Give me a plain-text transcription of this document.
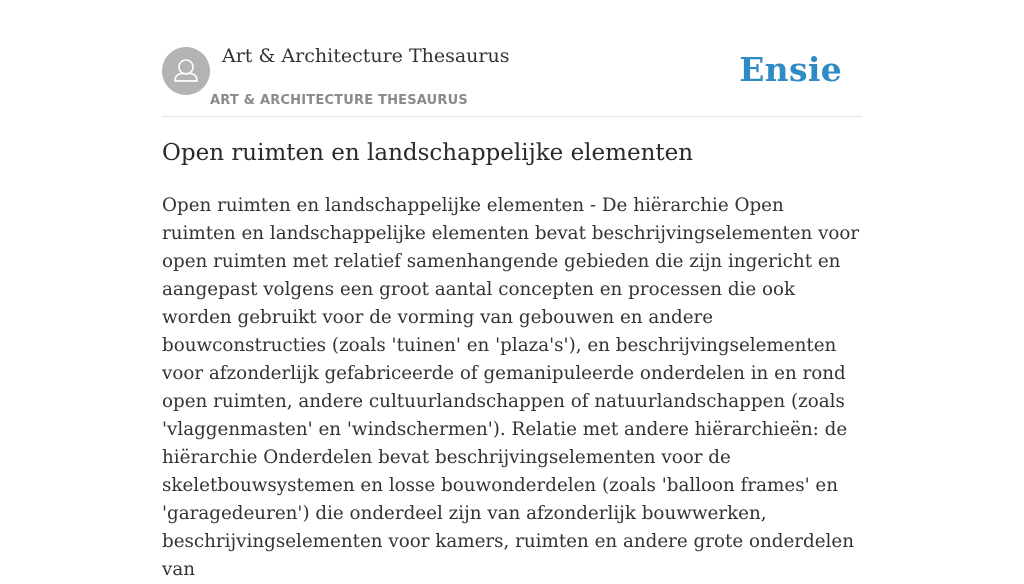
Art & Architecture Thesaurus
ART & ARCHITECTURE THESAURUS
Ensie
Open ruimten en landschappelijke elementen

Open ruimten en landschappelijke elementen - De hiërarchie Open ruimten en landschappelijke elementen bevat beschrijvingselementen voor open ruimten met relatief samenhangende gebieden die zijn ingericht en aangepast volgens een groot aantal concepten en processen die ook worden gebruikt voor de vorming van gebouwen en andere bouwconstructies (zoals 'tuinen' en 'plaza's'), en beschrijvingselementen voor afzonderlijk gefabriceerde of gemanipuleerde onderdelen in en rond open ruimten, andere cultuurlandschappen of natuurlandschappen (zoals 'vlaggenmasten' en 'windschermen'). Relatie met andere hiërarchieën: de hiërarchie Onderdelen bevat beschrijvingselementen voor de skeletbouwsystemen en losse bouwonderdelen (zoals 'balloon frames' en 'garagedeuren') die onderdeel zijn van afzonderlijk bouwwerken, beschrijvingselementen voor kamers, ruimten en andere grote onderdelen van
